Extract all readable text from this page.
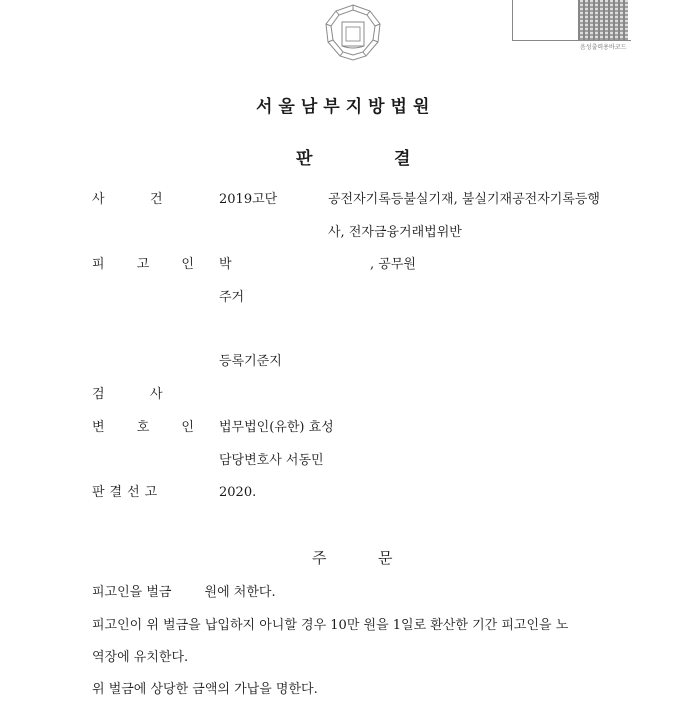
음성출력용바코드
서울남부지방법원
판	결
사	건	2019고단	공전자기록등불실기재, 불실기재공전자기록등행
사, 전자금융거래법위반
피 고 인 박	, 공무원
주거
등록기준지
검	사
변 호 인 법무법인(유한) 효성
담당변호사 서동민
판결선고	2020.
주	문
피고인을 벌금        원에 처한다.
피고인이 위 벌금을 납입하지 아니할 경우 10만 원을 1일로 환산한 기간 피고인을 노
역장에 유치한다.
위 벌금에 상당한 금액의 가납을 명한다.
